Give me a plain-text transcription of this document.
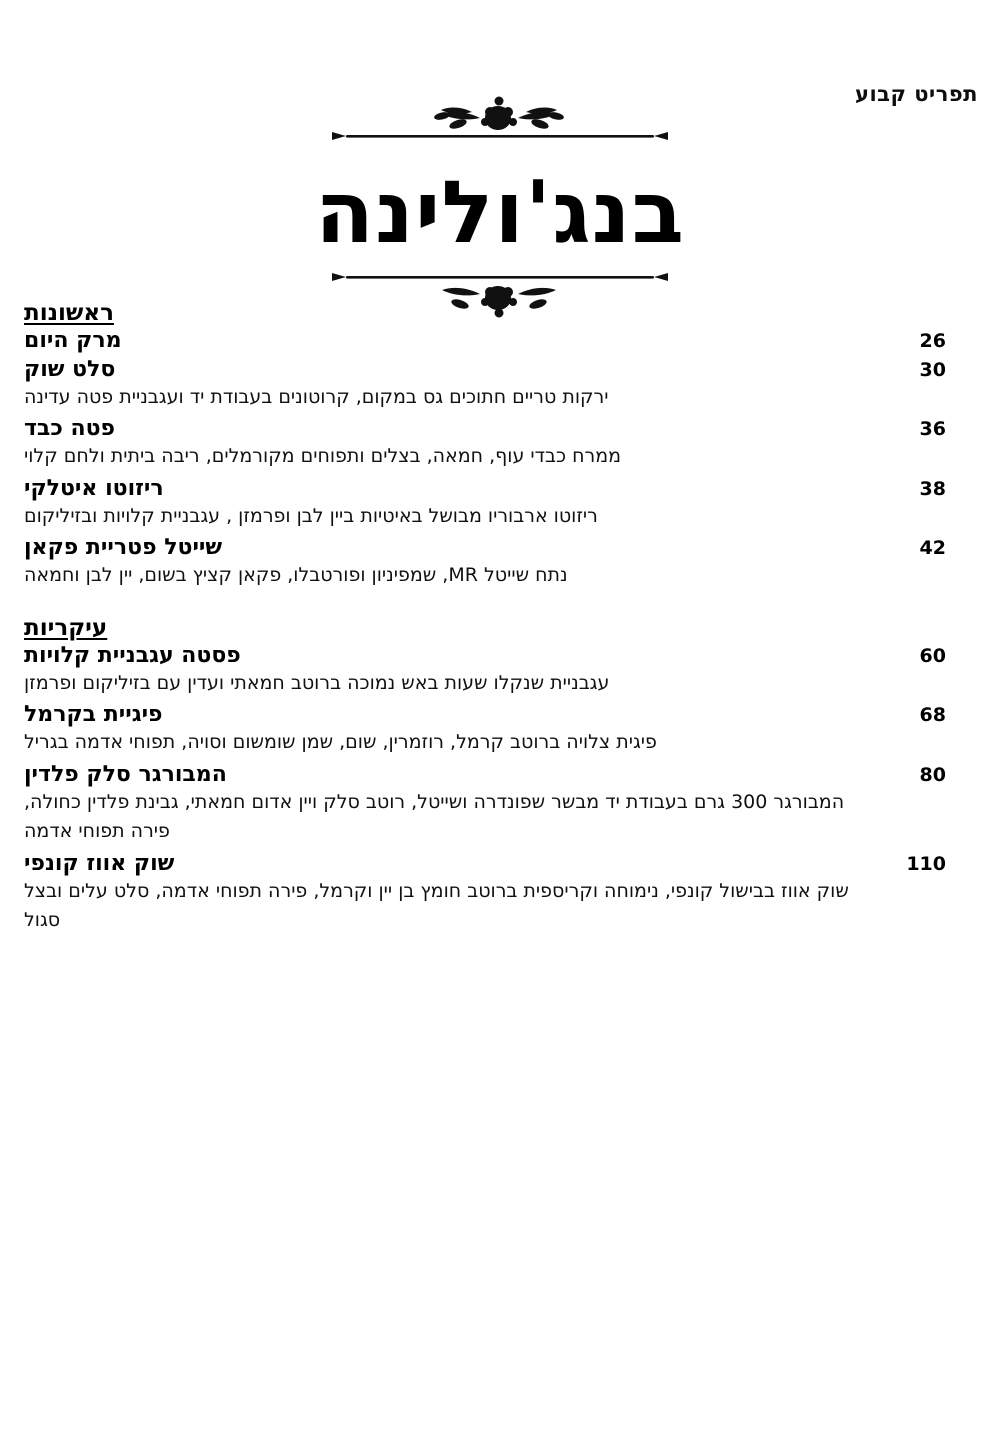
תפריט קבוע
בנג'ולינה
ראשונות
מרק היום	26
סלט שוק	30
ירקות טריים חתוכים גס במקום, קרוטונים בעבודת יד ועגבניית פטה עדינה
פטה כבד	36
ממרח כבדי עוף, חמאה, בצלים ותפוחים מקורמלים, ריבה ביתית ולחם קלוי
ריזוטו איטלקי	38
ריזוטו ארבוריו מבושל באיטיות ביין לבן ופרמזן , עגבניית קלויות ובזיליקום
שייטל פטריית פקאן	42
נתח שייטל MR, שמפיניון ופורטבלו, פקאן קציץ בשום, יין לבן וחמאה
עיקריות
פסטה עגבניית קלויות	60
עגבניית שנקלו שעות באש נמוכה ברוטב חמאתי ועדין עם בזיליקום ופרמזן
פיגיית בקרמל	68
פיגית צלויה ברוטב קרמל, רוזמרין, שום, שמן שומשום וסויה, תפוחי אדמה בגריל
המבורגר סלק פלדין	80
המבורגר 300 גרם בעבודת יד מבשר שפונדרה ושייטל, רוטב סלק ויין אדום חמאתי, גבינת פלדין כחולה, פירה תפוחי אדמה
שוק אווז קונפי	110
שוק אווז בבישול קונפי, נימוחה וקריספית ברוטב חומץ בן יין וקרמל, פירה תפוחי אדמה, סלט עלים ובצל סגול
